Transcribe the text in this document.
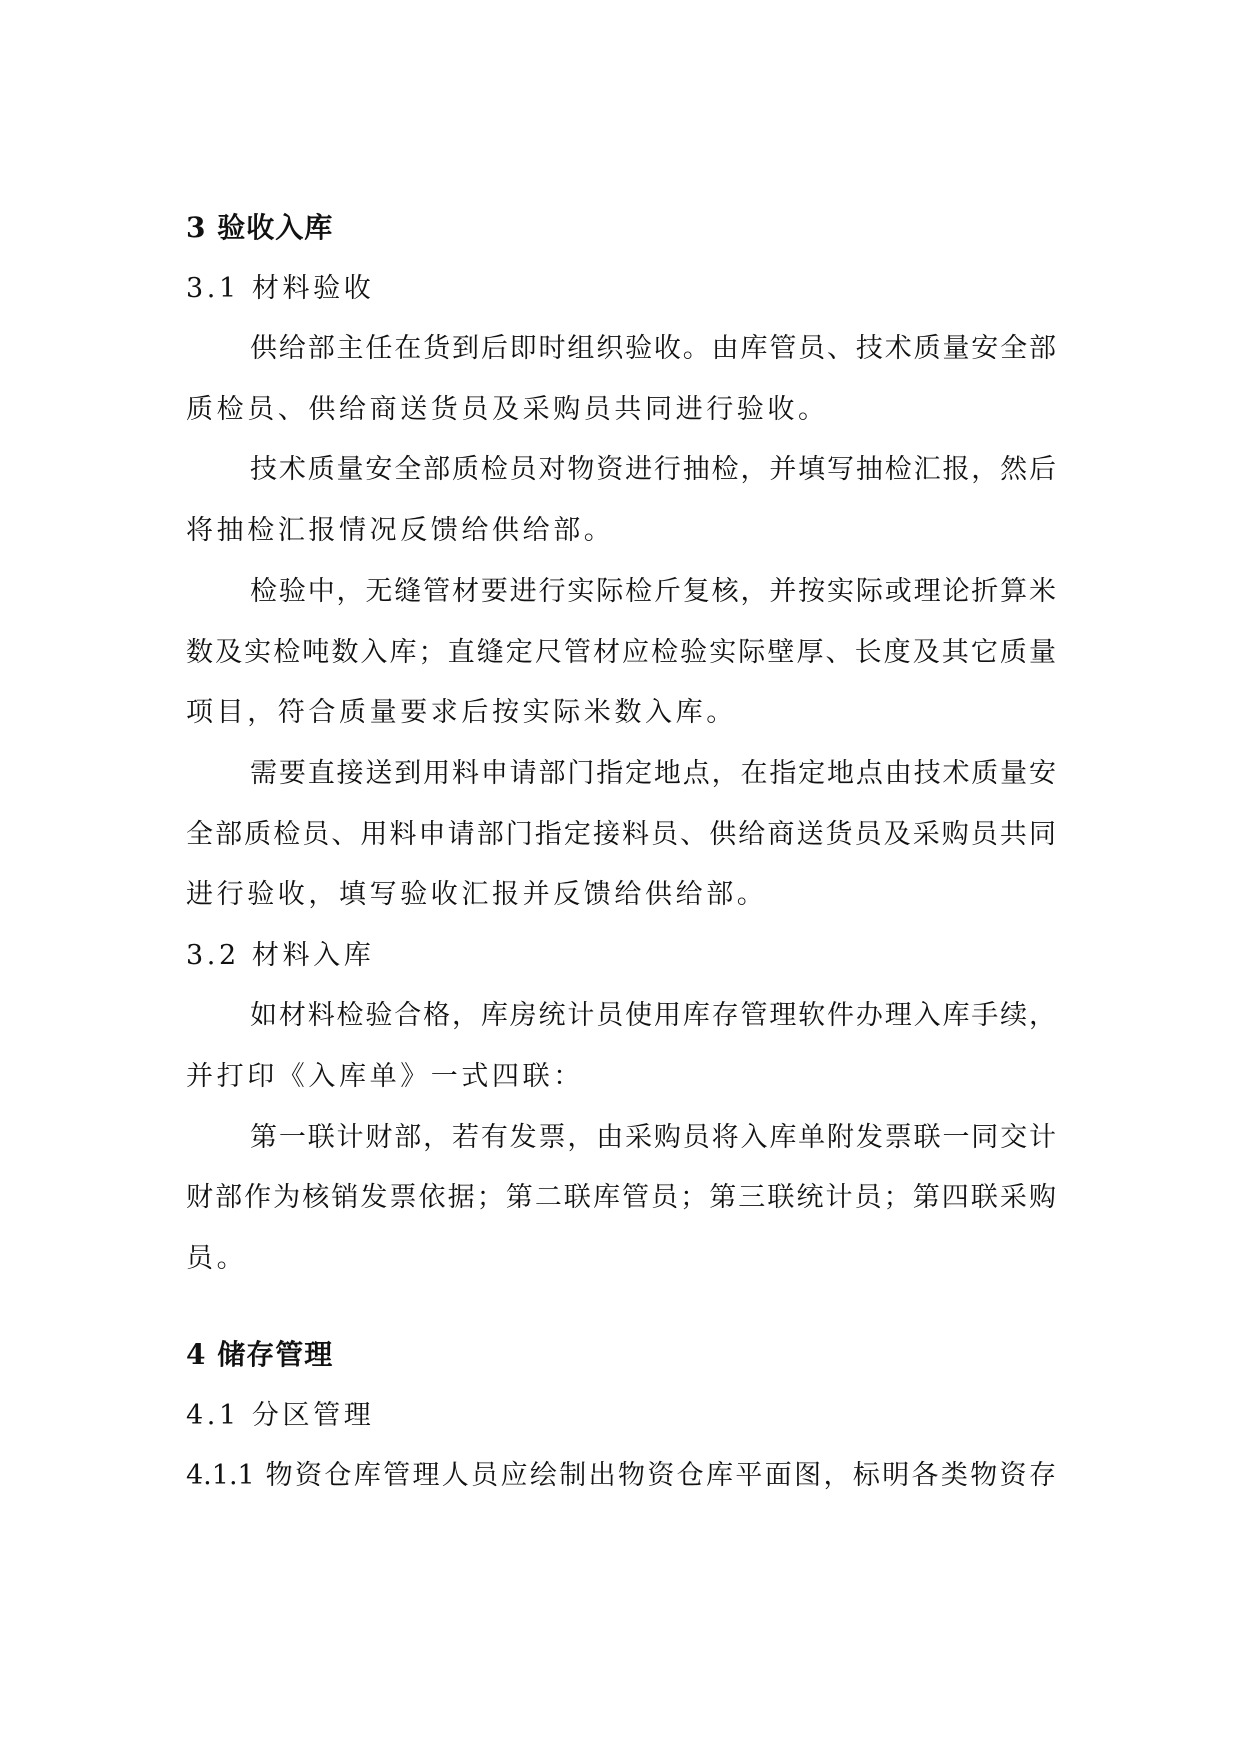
3 验收入库
3.1 材料验收
供给部主任在货到后即时组织验收。由库管员、技术质量安全部
质检员、供给商送货员及采购员共同进行验收。
技术质量安全部质检员对物资进行抽检，并填写抽检汇报，然后
将抽检汇报情况反馈给供给部。
检验中，无缝管材要进行实际检斤复核，并按实际或理论折算米
数及实检吨数入库；直缝定尺管材应检验实际壁厚、长度及其它质量
项目，符合质量要求后按实际米数入库。
需要直接送到用料申请部门指定地点，在指定地点由技术质量安
全部质检员、用料申请部门指定接料员、供给商送货员及采购员共同
进行验收，填写验收汇报并反馈给供给部。
3.2 材料入库
如材料检验合格，库房统计员使用库存管理软件办理入库手续，
并打印《入库单》一式四联：
第一联计财部，若有发票，由采购员将入库单附发票联一同交计
财部作为核销发票依据；第二联库管员；第三联统计员；第四联采购
员。
4 储存管理
4.1 分区管理
4.1.1 物资仓库管理人员应绘制出物资仓库平面图，标明各类物资存
